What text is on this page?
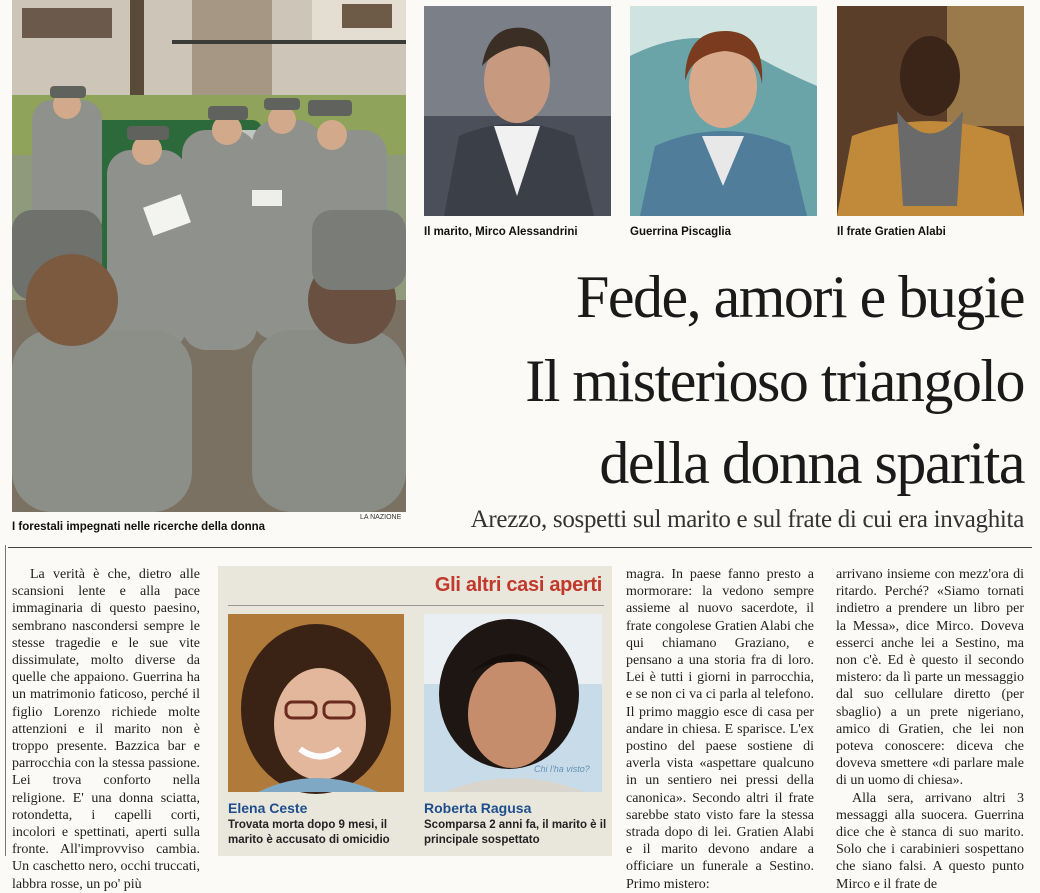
I forestali impegnati nelle ricerche della donna
LA NAZIONE
Il marito, Mirco Alessandrini	Guerrina Piscaglia	Il frate Gratien Alabi
Fede, amori e bugie
Il misterioso triangolo
della donna sparita
Arezzo, sospetti sul marito e sul frate di cui era invaghita

La verità è che, dietro alle scansioni lente e alla pace immaginaria di questo paesino, sembrano nascondersi sempre le stesse tragedie e le sue vite dissimulate, molto diverse da quelle che appaiono. Guerrina ha un matrimonio faticoso, perché il figlio Lorenzo richiede molte attenzioni e il marito non è troppo presente. Bazzica bar e parrocchia con la stessa passione. Lei trova conforto nella religione. E' una donna sciatta, rotondetta, i capelli corti, incolori e spettinati, aperti sulla fronte. All'improvviso cambia. Un caschetto nero, occhi truccati, labbra rosse, un po' più

Gli altri casi aperti
Chi l'ha visto?
Elena Ceste
Trovata morta dopo 9 mesi, il marito è accusato di omicidio
Roberta Ragusa
Scomparsa 2 anni fa, il marito è il principale sospettato

magra. In paese fanno presto a mormorare: la vedono sempre assieme al nuovo sacerdote, il frate congolese Gratien Alabi che qui chiamano Graziano, e pensano a una storia fra di loro. Lei è tutti i giorni in parrocchia, e se non ci va ci parla al telefono. Il primo maggio esce di casa per andare in chiesa. E sparisce. L'ex postino del paese sostiene di averla vista «aspettare qualcuno in un sentiero nei pressi della canonica». Secondo altri il frate sarebbe stato visto fare la stessa strada dopo di lei. Gratien Alabi e il marito devono andare a officiare un funerale a Sestino. Primo mistero:

arrivano insieme con mezz'ora di ritardo. Perché? «Siamo tornati indietro a prendere un libro per la Messa», dice Mirco. Doveva esserci anche lei a Sestino, ma non c'è. Ed è questo il secondo mistero: da lì parte un messaggio dal suo cellulare diretto (per sbaglio) a un prete nigeriano, amico di Gratien, che lei non poteva conoscere: diceva che doveva smettere «di parlare male di un uomo di chiesa».

Alla sera, arrivano altri 3 messaggi alla suocera. Guerrina dice che è stanca di suo marito. Solo che i carabinieri sospettano che siano falsi. A questo punto Mirco e il frate de
